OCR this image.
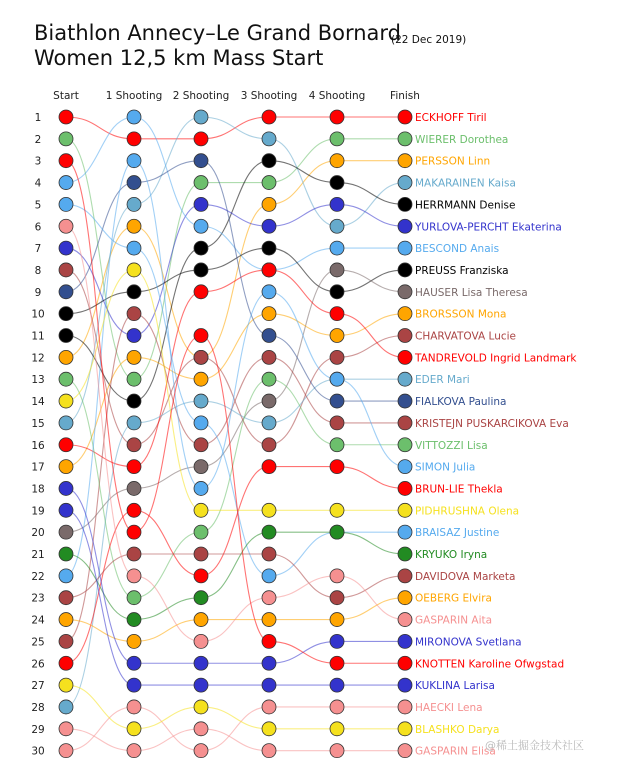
Biathlon Annecy–Le Grand Bornard
Women 12,5 km Mass Start
(22 Dec 2019)
Start	1 Shooting 2 Shooting 3 Shooting 4 Shooting Finish
1
2
3
4
5
6
7
8
9
10
11
12
13
14
15
16
17
18
19
20
21
22
23
24
25
26
27
28
29
30
ECKHOFF Tiril
WIERER Dorothea
PERSSON Linn
MAKARAINEN Kaisa
HERRMANN Denise
YURLOVA-PERCHT Ekaterina
BESCOND Anais
PREUSS Franziska
HAUSER Lisa Theresa
BRORSSON Mona
CHARVATOVA Lucie
TANDREVOLD Ingrid Landmark
EDER Mari
FIALKOVA Paulina
KRISTEJN PUSKARCIKOVA Eva
VITTOZZI Lisa
SIMON Julia
BRUN-LIE Thekla
PIDHRUSHNA Olena
BRAISAZ Justine
KRYUKO Iryna
DAVIDOVA Marketa
OEBERG Elvira
GASPARIN Aita
MIRONOVA Svetlana
KNOTTEN Karoline Ofwgstad
KUKLINA Larisa
HAECKI Lena
BLASHKO Darya
GASPARIN Elisa
@稀土掘金技术社区
